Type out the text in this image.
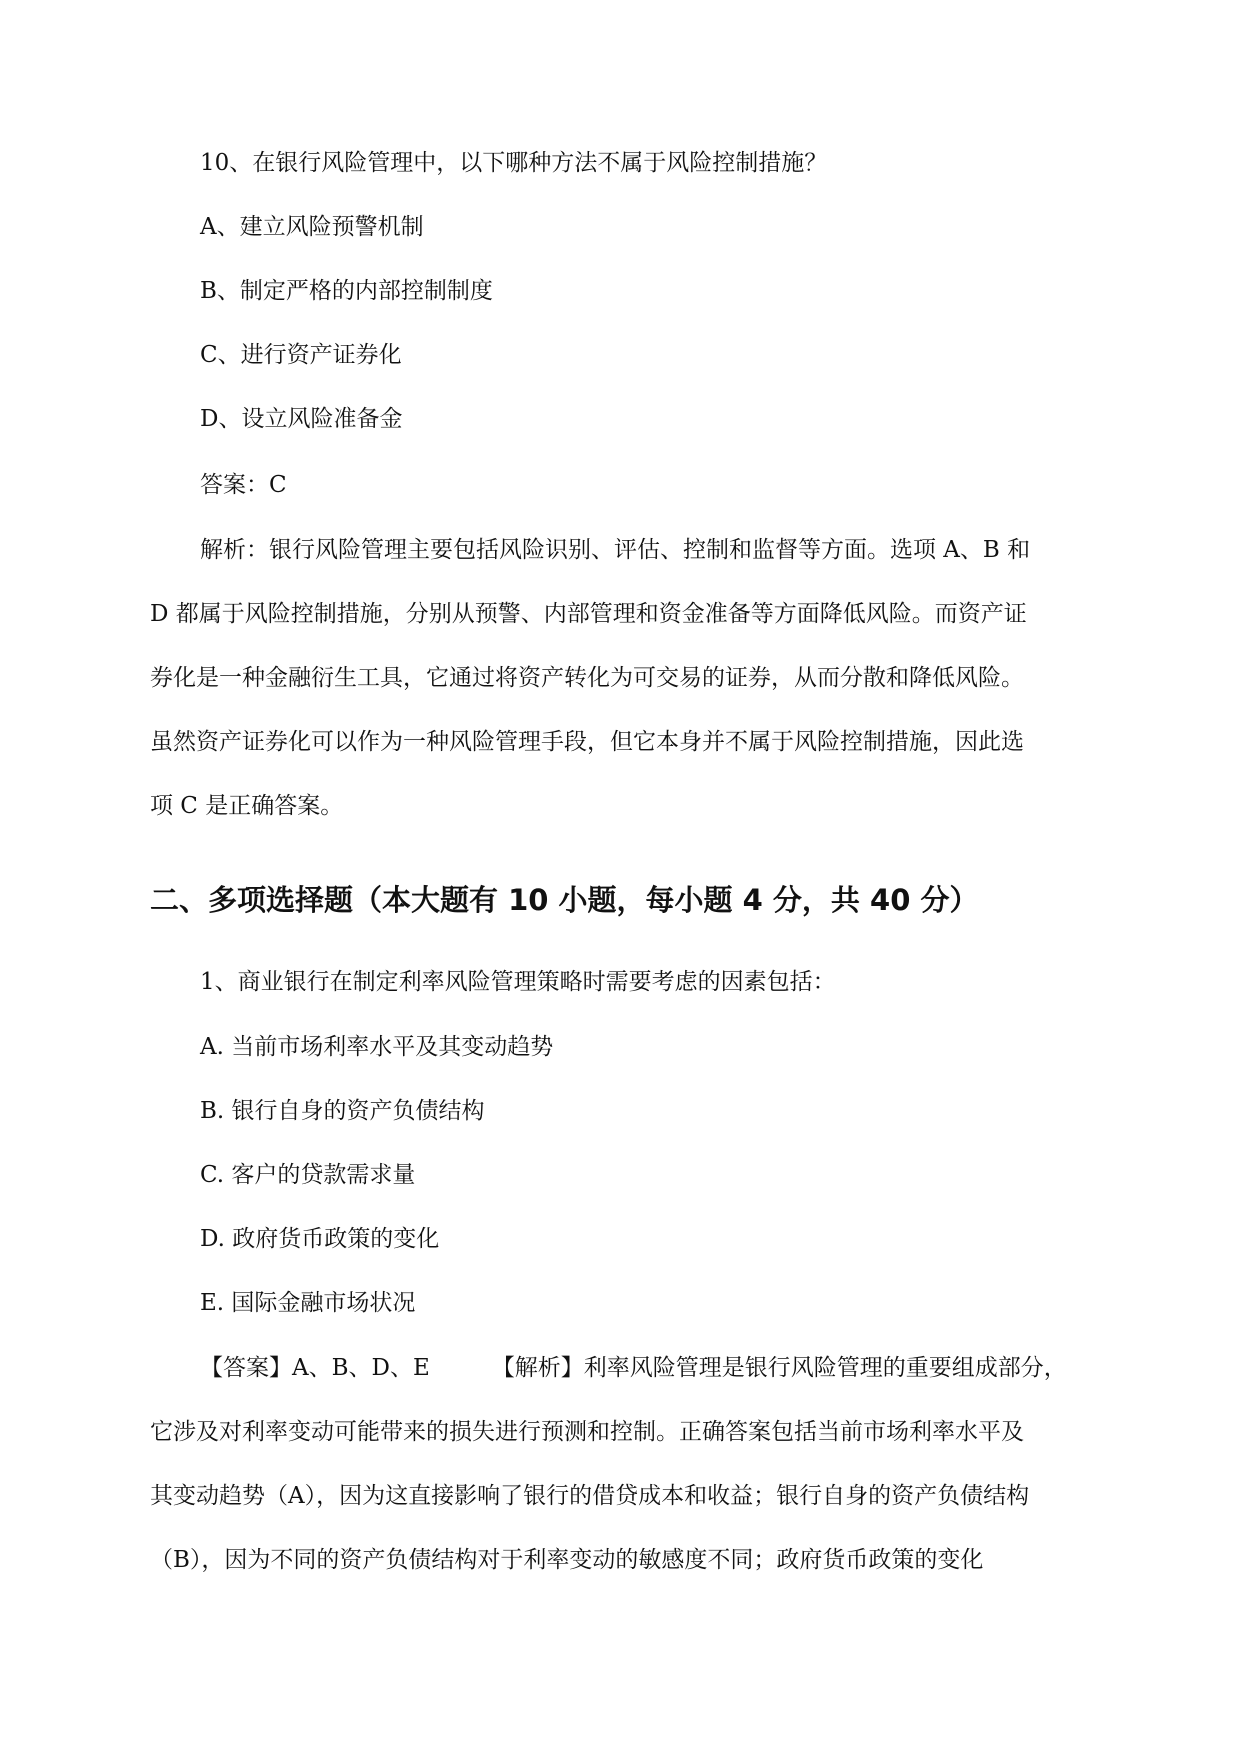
10、在银行风险管理中，以下哪种方法不属于风险控制措施？
A、建立风险预警机制
B、制定严格的内部控制制度
C、进行资产证券化
D、设立风险准备金
答案：C
解析：银行风险管理主要包括风险识别、评估、控制和监督等方面。选项 A、B 和
D 都属于风险控制措施，分别从预警、内部管理和资金准备等方面降低风险。而资产证
券化是一种金融衍生工具，它通过将资产转化为可交易的证券，从而分散和降低风险。
虽然资产证券化可以作为一种风险管理手段，但它本身并不属于风险控制措施，因此选
项 C 是正确答案。
二、多项选择题（本大题有 10 小题，每小题 4 分，共 40 分）
1、商业银行在制定利率风险管理策略时需要考虑的因素包括：
A. 当前市场利率水平及其变动趋势
B. 银行自身的资产负债结构
C. 客户的贷款需求量
D. 政府货币政策的变化
E. 国际金融市场状况
【答案】A、B、D、E	【解析】利率风险管理是银行风险管理的重要组成部分，
它涉及对利率变动可能带来的损失进行预测和控制。正确答案包括当前市场利率水平及
其变动趋势（A），因为这直接影响了银行的借贷成本和收益；银行自身的资产负债结构
（B），因为不同的资产负债结构对于利率变动的敏感度不同；政府货币政策的变化
